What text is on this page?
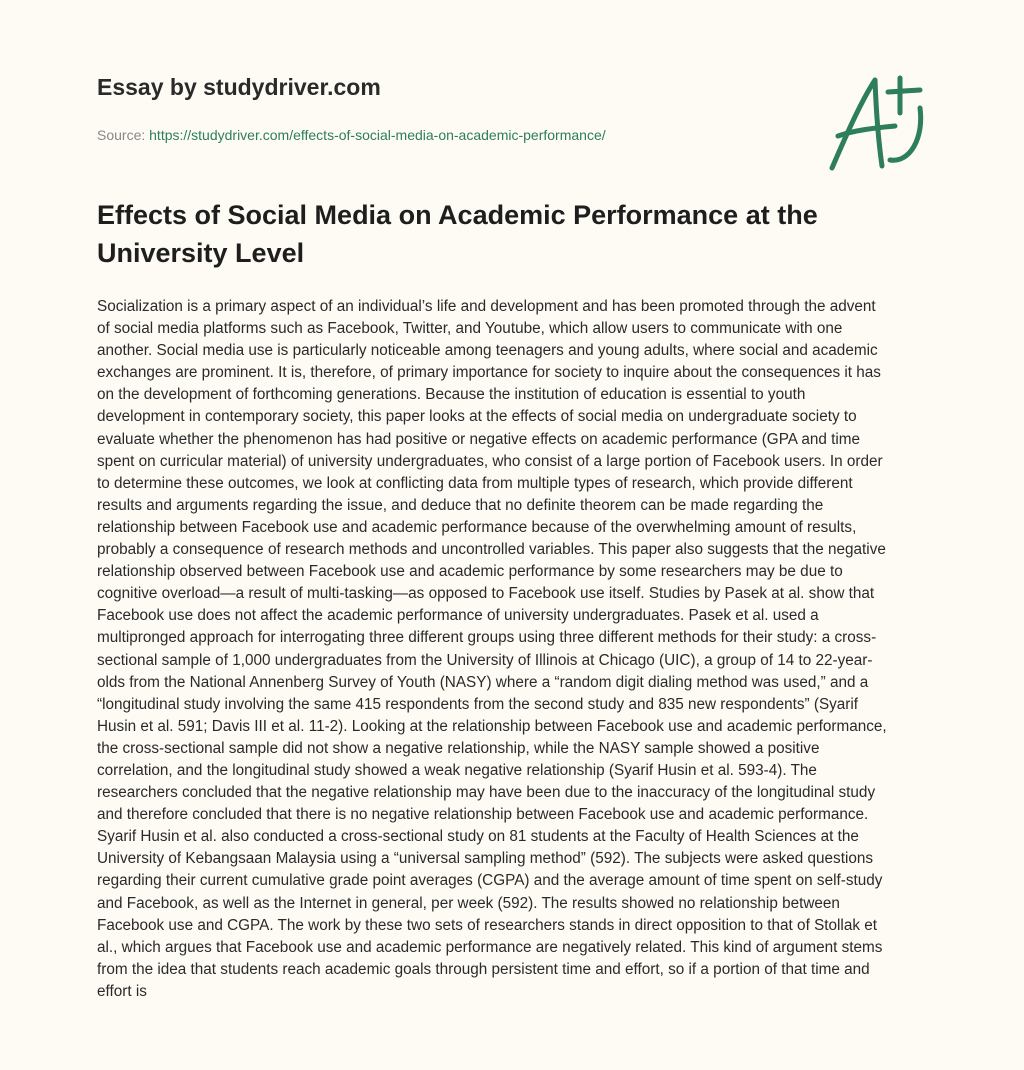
Essay by studydriver.com
Source: https://studydriver.com/effects-of-social-media-on-academic-performance/
Effects of Social Media on Academic Performance at the University Level
Socialization is a primary aspect of an individual’s life and development and has been promoted through the advent
of social media platforms such as Facebook, Twitter, and Youtube, which allow users to communicate with one
another. Social media use is particularly noticeable among teenagers and young adults, where social and academic
exchanges are prominent. It is, therefore, of primary importance for society to inquire about the consequences it has
on the development of forthcoming generations. Because the institution of education is essential to youth
development in contemporary society, this paper looks at the effects of social media on undergraduate society to
evaluate whether the phenomenon has had positive or negative effects on academic performance (GPA and time
spent on curricular material) of university undergraduates, who consist of a large portion of Facebook users. In order
to determine these outcomes, we look at conflicting data from multiple types of research, which provide different
results and arguments regarding the issue, and deduce that no definite theorem can be made regarding the
relationship between Facebook use and academic performance because of the overwhelming amount of results,
probably a consequence of research methods and uncontrolled variables. This paper also suggests that the negative
relationship observed between Facebook use and academic performance by some researchers may be due to
cognitive overload—a result of multi-tasking—as opposed to Facebook use itself. Studies by Pasek at al. show that
Facebook use does not affect the academic performance of university undergraduates. Pasek et al. used a
multipronged approach for interrogating three different groups using three different methods for their study: a cross-
sectional sample of 1,000 undergraduates from the University of Illinois at Chicago (UIC), a group of 14 to 22-year-
olds from the National Annenberg Survey of Youth (NASY) where a “random digit dialing method was used,” and a
“longitudinal study involving the same 415 respondents from the second study and 835 new respondents” (Syarif
Husin et al. 591; Davis III et al. 11-2). Looking at the relationship between Facebook use and academic performance,
the cross-sectional sample did not show a negative relationship, while the NASY sample showed a positive
correlation, and the longitudinal study showed a weak negative relationship (Syarif Husin et al. 593-4). The
researchers concluded that the negative relationship may have been due to the inaccuracy of the longitudinal study
and therefore concluded that there is no negative relationship between Facebook use and academic performance.
Syarif Husin et al. also conducted a cross-sectional study on 81 students at the Faculty of Health Sciences at the
University of Kebangsaan Malaysia using a “universal sampling method” (592). The subjects were asked questions
regarding their current cumulative grade point averages (CGPA) and the average amount of time spent on self-study
and Facebook, as well as the Internet in general, per week (592). The results showed no relationship between
Facebook use and CGPA. The work by these two sets of researchers stands in direct opposition to that of Stollak et
al., which argues that Facebook use and academic performance are negatively related. This kind of argument stems
from the idea that students reach academic goals through persistent time and effort, so if a portion of that time and
effort is
